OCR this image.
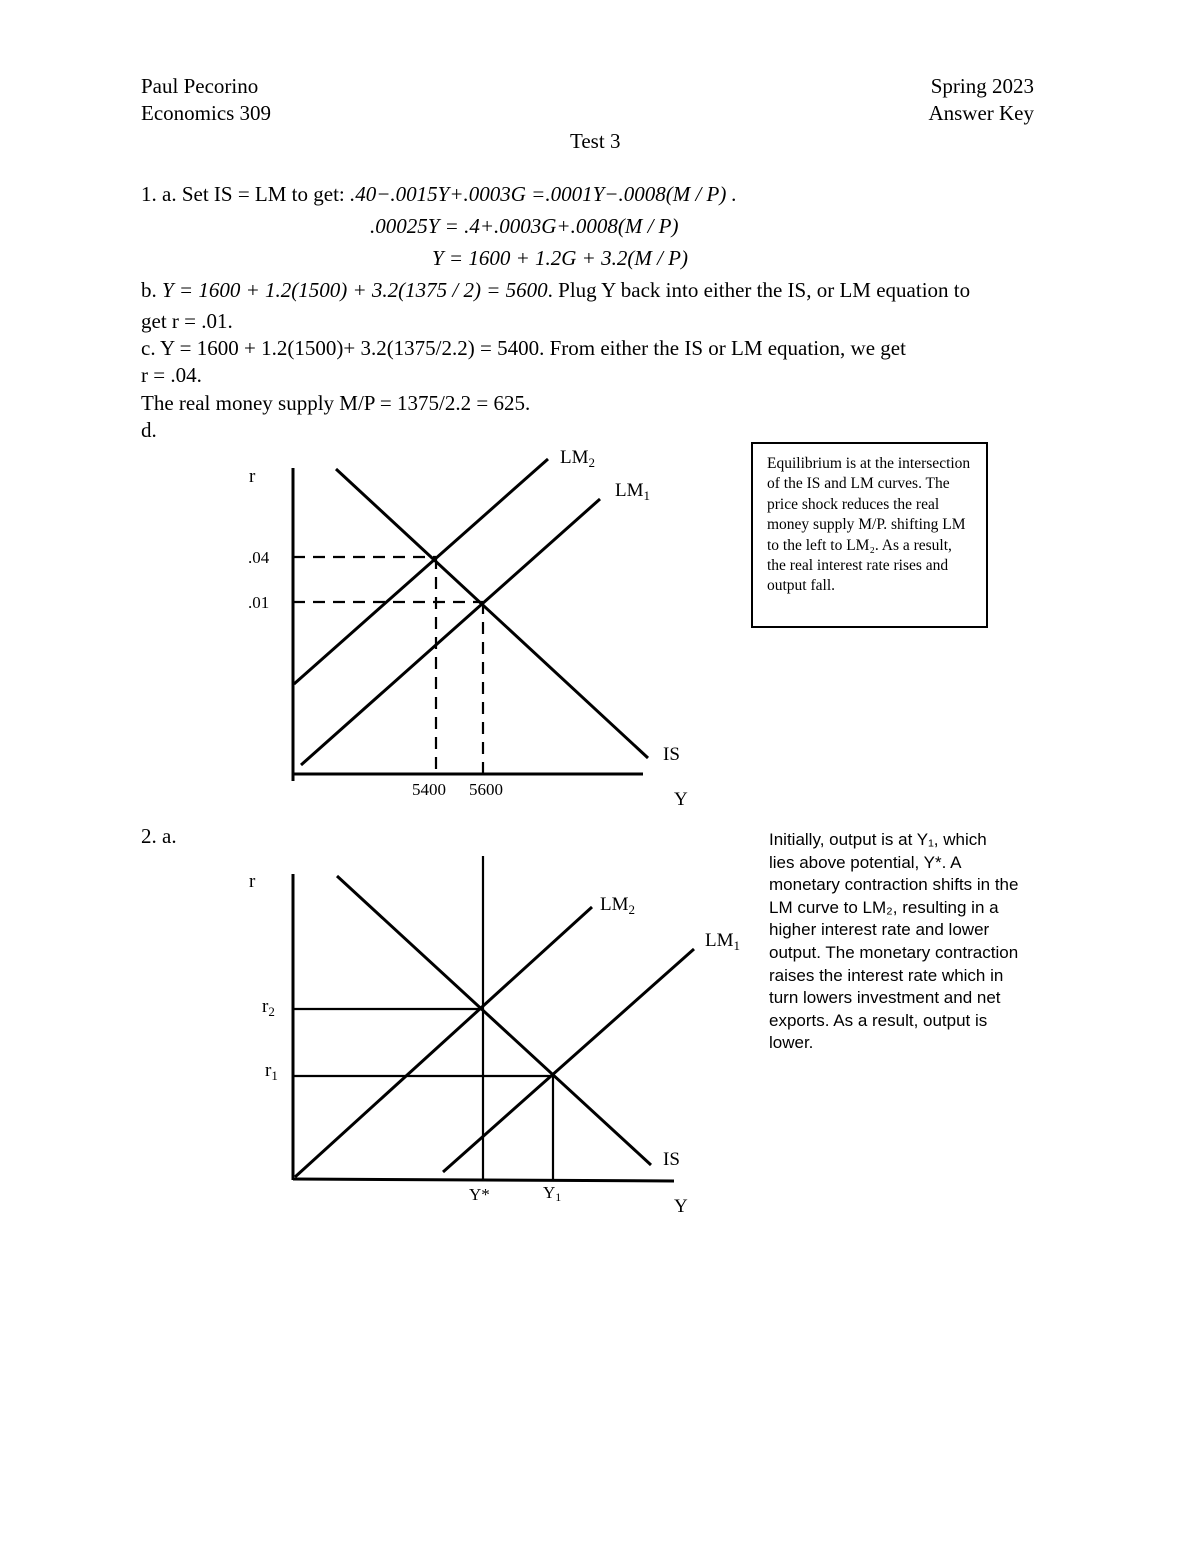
Paul Pecorino
Economics 309
Spring 2023
Answer Key
Test 3
1. a. Set IS = LM to get: .40−.0015Y+.0003G =.0001Y−.0008(M / P) .
.00025Y = .4+.0003G+.0008(M / P)
Y = 1600 + 1.2G + 3.2(M / P)
b. Y = 1600 + 1.2(1500) + 3.2(1375 / 2) = 5600. Plug Y back into either the IS, or LM equation to
get r = .01.
c. Y = 1600 + 1.2(1500)+ 3.2(1375/2.2) = 5400. From either the IS or LM equation, we get
r = .04.
The real money supply M/P = 1375/2.2 = 625.
d.
2. a.
Equilibrium is at the intersection of the IS and LM curves. The price shock reduces the real money supply M/P. shifting LM to the left to LM₂. As a result, the real interest rate rises and output fall.
Initially, output is at Y₁, which
lies above potential, Y*. A
monetary contraction shifts in the
LM curve to LM₂, resulting in a
higher interest rate and lower
output. The monetary contraction
raises the interest rate which in
turn lowers investment and net
exports. As a result, output is
lower.
r
Y
.04
.01
5400 5600
IS
$LM_2$
$LM_1$
r
Y
$r_2$
$r_1$
Y*	Y1
IS
$LM_2$
$LM_1$
